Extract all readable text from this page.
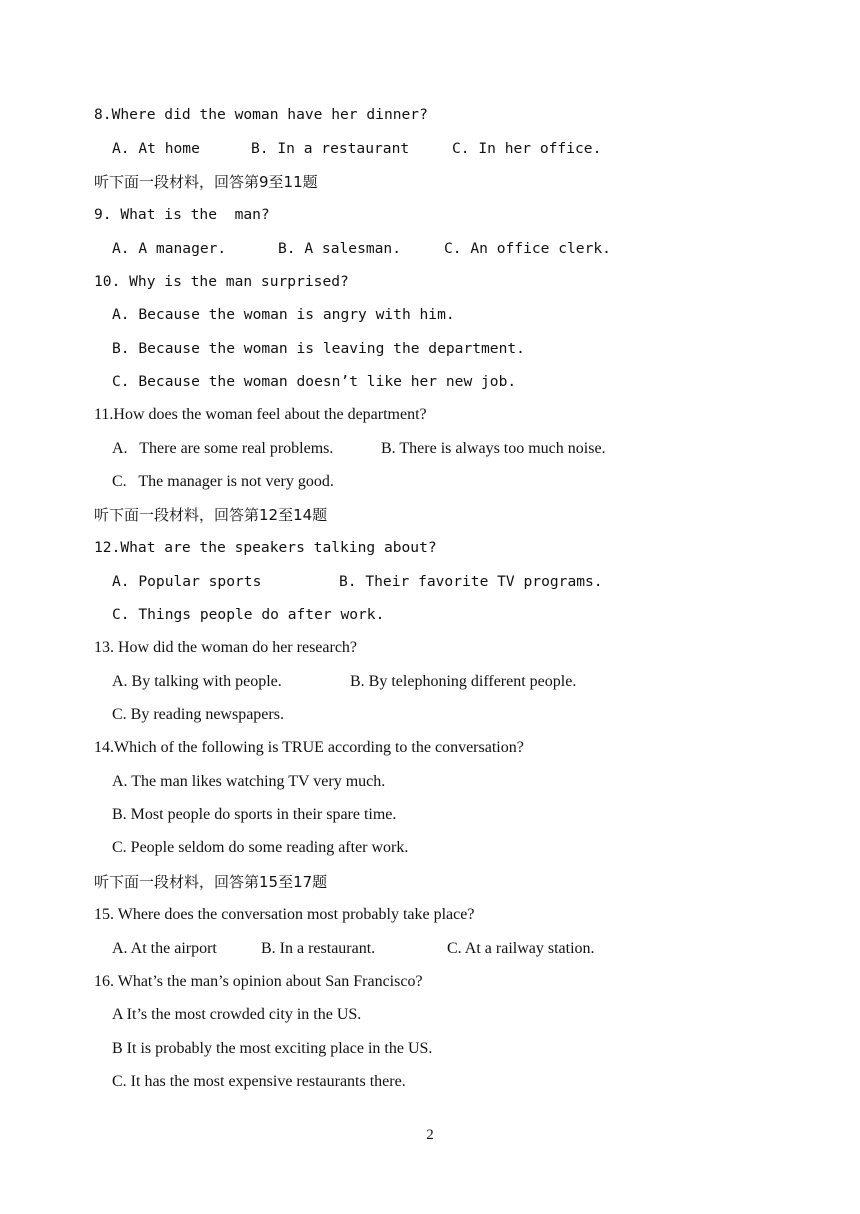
8.Where did the woman have her dinner?
A. At home	B. In a restaurant	C. In her office.
听下面一段材料，回答第9至11题
9. What is the  man?
A. A manager.	B. A salesman.	C. An office clerk.
10. Why is the man surprised?
A. Because the woman is angry with him.
B. Because the woman is leaving the department.
C. Because the woman doesn’t like her new job.
11.How does the woman feel about the department?
A.   There are some real problems.	B. There is always too much noise.
C.   The manager is not very good.
听下面一段材料，回答第12至14题
12.What are the speakers talking about?
A. Popular sports	B. Their favorite TV programs.
C. Things people do after work.
13. How did the woman do her research?
A. By talking with people.	B. By telephoning different people.
C. By reading newspapers.
14.Which of the following is TRUE according to the conversation?
A. The man likes watching TV very much.
B. Most people do sports in their spare time.
C. People seldom do some reading after work.
听下面一段材料，回答第15至17题
15. Where does the conversation most probably take place?
A. At the airport	B. In a restaurant.	C. At a railway station.
16. What’s the man’s opinion about San Francisco?
A It’s the most crowded city in the US.
B It is probably the most exciting place in the US.
C. It has the most expensive restaurants there.
2
